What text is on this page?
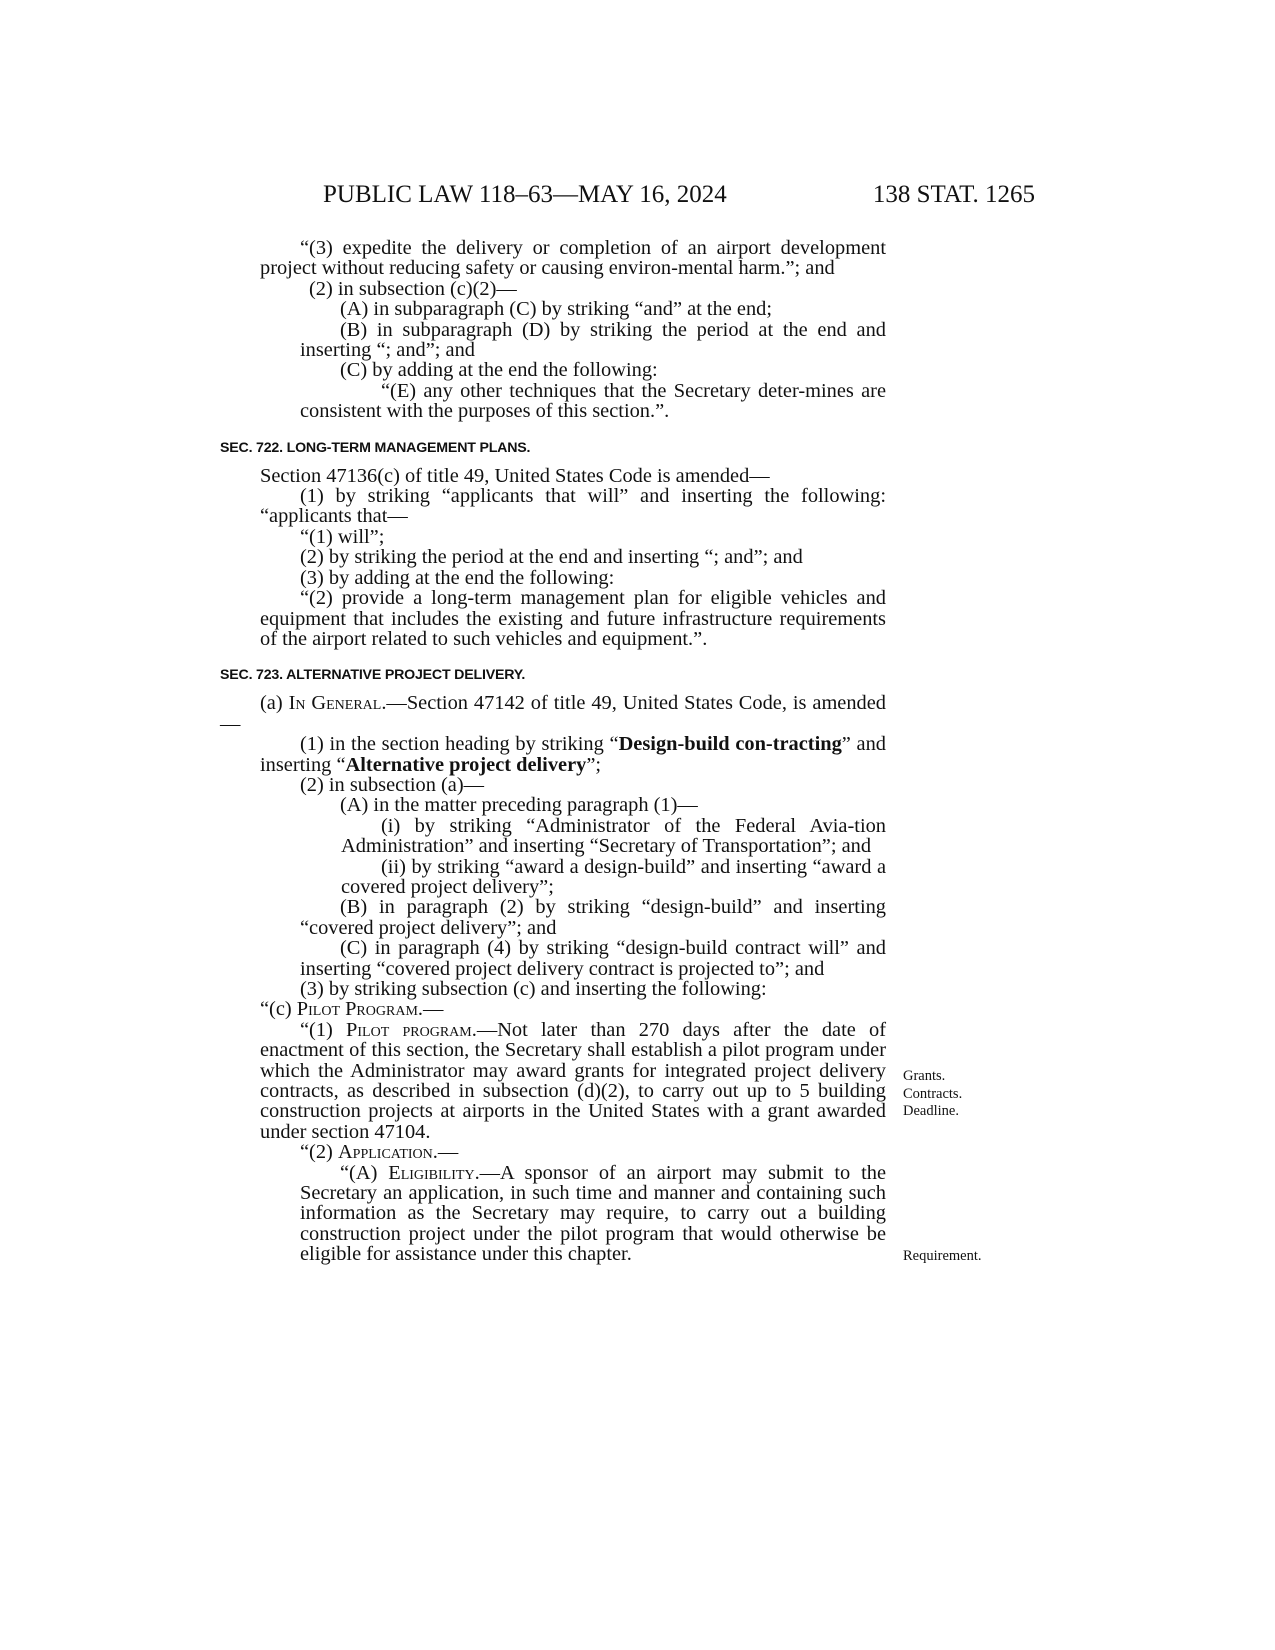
PUBLIC LAW 118–63—MAY 16, 2024	138 STAT. 1265

“(3) expedite the delivery or completion of an airport development project without reducing safety or causing environ-mental harm.”; and

(2) in subsection (c)(2)—

(A) in subparagraph (C) by striking “and” at the end;

(B) in subparagraph (D) by striking the period at the end and inserting “; and”; and

(C) by adding at the end the following:

“(E) any other techniques that the Secretary deter-mines are consistent with the purposes of this section.”.

SEC. 722. LONG-TERM MANAGEMENT PLANS.

Section 47136(c) of title 49, United States Code is amended—

(1) by striking “applicants that will” and inserting the following: “applicants that—

“(1) will”;

(2) by striking the period at the end and inserting “; and”; and

(3) by adding at the end the following:

“(2) provide a long-term management plan for eligible vehicles and equipment that includes the existing and future infrastructure requirements of the airport related to such vehicles and equipment.”.

SEC. 723. ALTERNATIVE PROJECT DELIVERY.

(a) In General.—Section 47142 of title 49, United States Code, is amended—

(1) in the section heading by striking “Design-build con-tracting” and inserting “Alternative project delivery”;

(2) in subsection (a)—

(A) in the matter preceding paragraph (1)—

(i) by striking “Administrator of the Federal Avia-tion Administration” and inserting “Secretary of Transportation”; and

(ii) by striking “award a design-build” and inserting “award a covered project delivery”;

(B) in paragraph (2) by striking “design-build” and inserting “covered project delivery”; and

(C) in paragraph (4) by striking “design-build contract will” and inserting “covered project delivery contract is projected to”; and

(3) by striking subsection (c) and inserting the following:

“(c) Pilot Program.—

“(1) Pilot program.—Not later than 270 days after the date of enactment of this section, the Secretary shall establish a pilot program under which the Administrator may award grants for integrated project delivery contracts, as described in subsection (d)(2), to carry out up to 5 building construction projects at airports in the United States with a grant awarded under section 47104.

“(2) Application.—

“(A) Eligibility.—A sponsor of an airport may submit to the Secretary an application, in such time and manner and containing such information as the Secretary may require, to carry out a building construction project under the pilot program that would otherwise be eligible for assistance under this chapter.

Grants.
Contracts.
Deadline.
Requirement.
